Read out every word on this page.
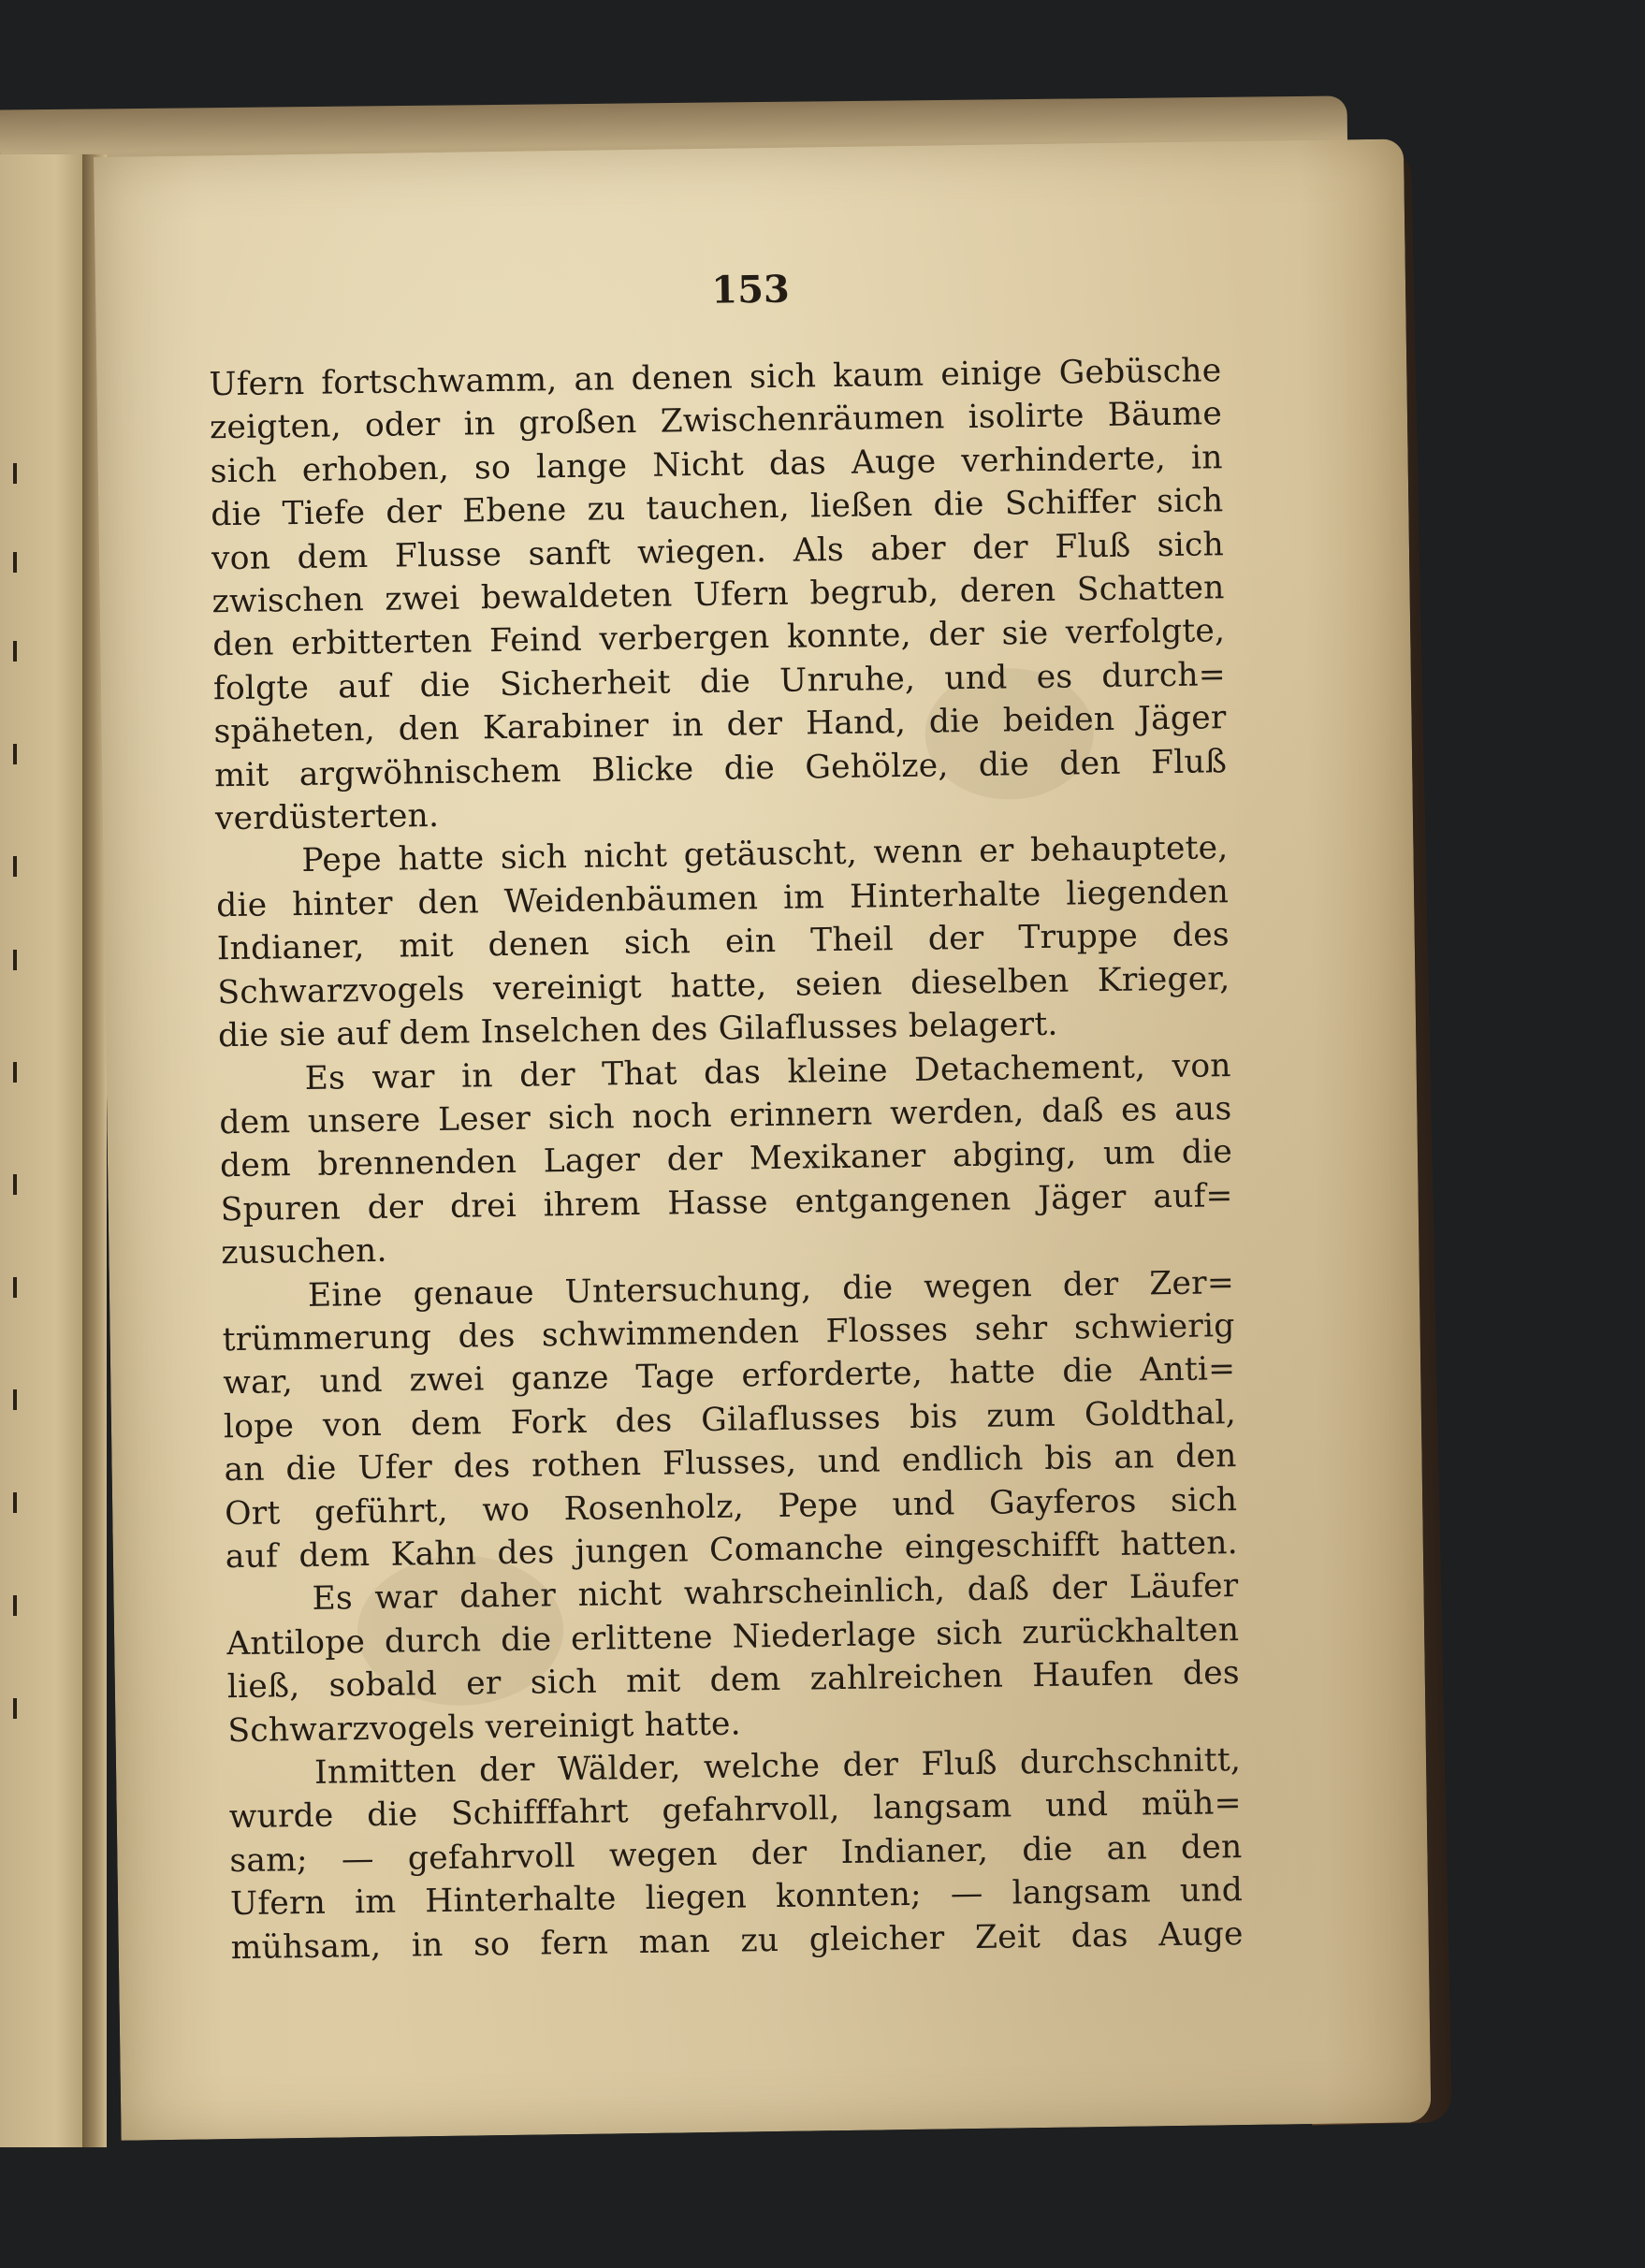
153

Ufern fortschwamm, an denen sich kaum einige Gebüsche

zeigten, oder in großen Zwischenräumen isolirte Bäume

sich erhoben, so lange Nicht das Auge verhinderte, in

die Tiefe der Ebene zu tauchen, ließen die Schiffer sich

von dem Flusse sanft wiegen. Als aber der Fluß sich

zwischen zwei bewaldeten Ufern begrub, deren Schatten

den erbitterten Feind verbergen konnte, der sie verfolgte,

folgte auf die Sicherheit die Unruhe, und es durch=

späheten, den Karabiner in der Hand, die beiden Jäger

mit argwöhnischem Blicke die Gehölze, die den Fluß

verdüsterten.

Pepe hatte sich nicht getäuscht, wenn er behauptete,

die hinter den Weidenbäumen im Hinterhalte liegenden

Indianer, mit denen sich ein Theil der Truppe des

Schwarzvogels vereinigt hatte, seien dieselben Krieger,

die sie auf dem Inselchen des Gilaflusses belagert.

Es war in der That das kleine Detachement, von

dem unsere Leser sich noch erinnern werden, daß es aus

dem brennenden Lager der Mexikaner abging, um die

Spuren der drei ihrem Hasse entgangenen Jäger auf=

zusuchen.

Eine genaue Untersuchung, die wegen der Zer=

trümmerung des schwimmenden Flosses sehr schwierig

war, und zwei ganze Tage erforderte, hatte die Anti=

lope von dem Fork des Gilaflusses bis zum Goldthal,

an die Ufer des rothen Flusses, und endlich bis an den

Ort geführt, wo Rosenholz, Pepe und Gayferos sich

auf dem Kahn des jungen Comanche eingeschifft hatten.

Es war daher nicht wahrscheinlich, daß der Läufer

Antilope durch die erlittene Niederlage sich zurückhalten

ließ, sobald er sich mit dem zahlreichen Haufen des

Schwarzvogels vereinigt hatte.

Inmitten der Wälder, welche der Fluß durchschnitt,

wurde die Schifffahrt gefahrvoll, langsam und müh=

sam; — gefahrvoll wegen der Indianer, die an den

Ufern im Hinterhalte liegen konnten; — langsam und

mühsam, in so fern man zu gleicher Zeit das Auge
